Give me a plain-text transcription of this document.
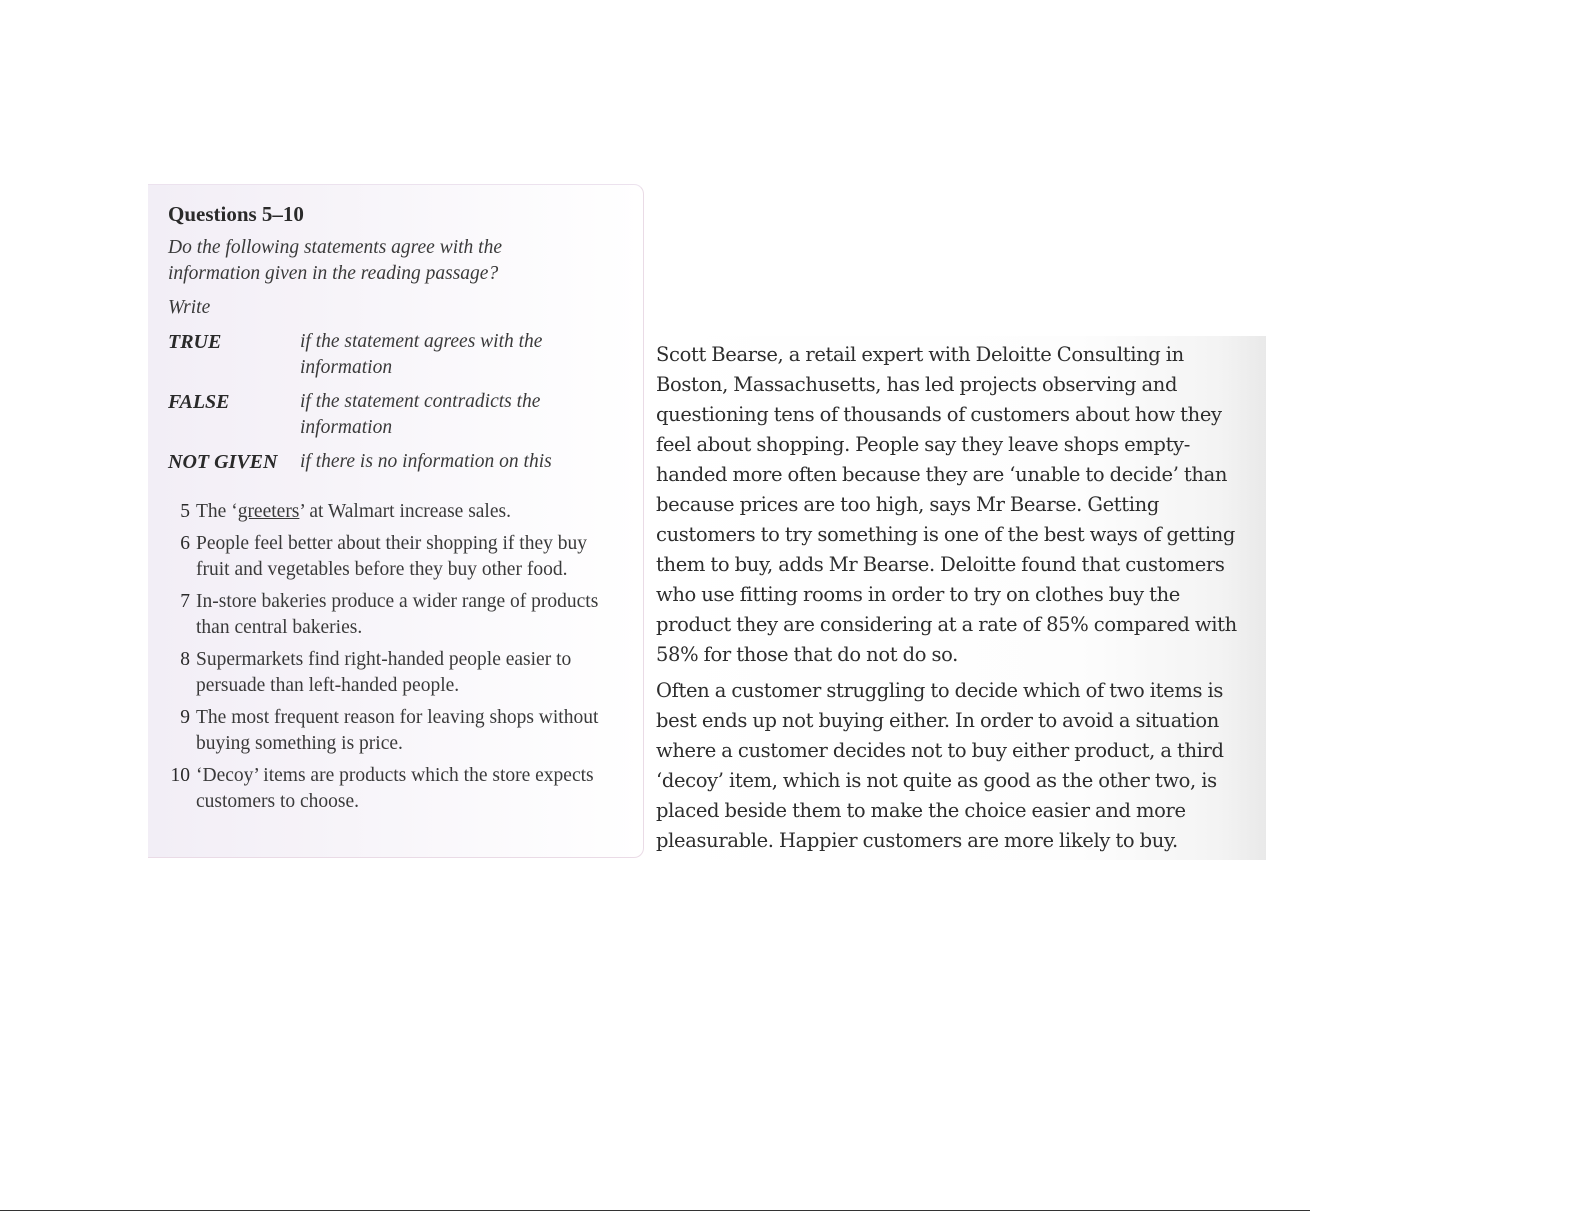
Questions 5–10
Do the following statements agree with the information given in the reading passage?
Write
TRUE	if the statement agrees with the information
FALSE	if the statement contradicts the information
NOT GIVEN	if there is no information on this
5 The ‘greeters’ at Walmart increase sales.
6 People feel better about their shopping if they buy fruit and vegetables before they buy other food.
7 In-store bakeries produce a wider range of products than central bakeries.
8 Supermarkets find right-handed people easier to persuade than left-handed people.
9 The most frequent reason for leaving shops without buying something is price.
10 ‘Decoy’ items are products which the store expects customers to choose.

Scott Bearse, a retail expert with Deloitte Consulting in Boston, Massachusetts, has led projects observing and questioning tens of thousands of customers about how they feel about shopping. People say they leave shops empty-handed more often because they are ‘unable to decide’ than because prices are too high, says Mr Bearse. Getting customers to try something is one of the best ways of getting them to buy, adds Mr Bearse. Deloitte found that customers who use fitting rooms in order to try on clothes buy the product they are considering at a rate of 85% compared with 58% for those that do not do so.

Often a customer struggling to decide which of two items is best ends up not buying either. In order to avoid a situation where a customer decides not to buy either product, a third ‘decoy’ item, which is not quite as good as the other two, is placed beside them to make the choice easier and more pleasurable. Happier customers are more likely to buy.
